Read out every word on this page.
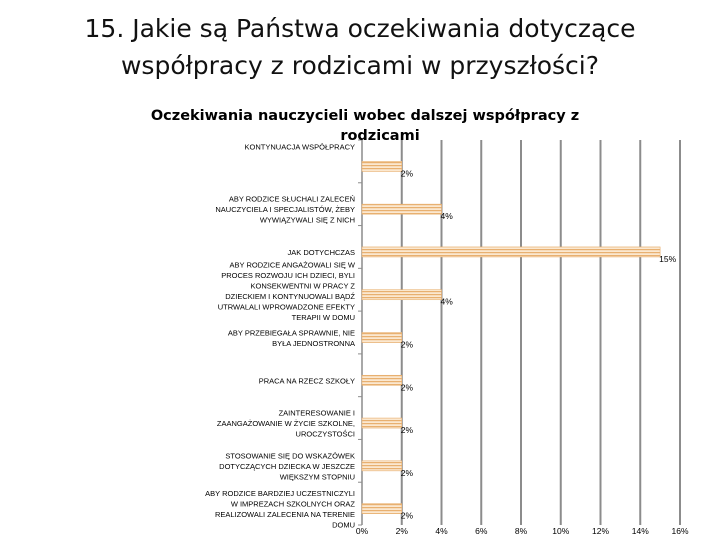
15. Jakie są Państwa oczekiwania dotyczące
współpracy z rodzicami w przyszłości?
0%	2%	4%	6%	8%	10%	12%	14%	16%
2%
KONTYNUACJA WSPÓŁPRACY
4%
ABY RODZICE SŁUCHALI ZALECEŃ
NAUCZYCIELA I SPECJALISTÓW, ŻEBY
WYWIĄZYWALI SIĘ Z NICH
15%
JAK DOTYCHCZAS
4%
ABY RODZICE ANGAŻOWALI SIĘ W
PROCES ROZWOJU ICH DZIECI, BYLI
KONSEKWENTNI W PRACY Z
DZIECKIEM I KONTYNUOWALI BĄDŹ
UTRWALALI WPROWADZONE EFEKTY
TERAPII W DOMU
2%
ABY PRZEBIEGAŁA SPRAWNIE, NIE
BYŁA JEDNOSTRONNA
2%
PRACA NA RZECZ SZKOŁY
2%
ZAINTERESOWANIE I
ZAANGAŻOWANIE W ŻYCIE SZKOLNE,
UROCZYSTOŚCI
2%
STOSOWANIE SIĘ DO WSKAZÓWEK
DOTYCZĄCYCH DZIECKA W JESZCZE
WIĘKSZYM STOPNIU
2%
ABY RODZICE BARDZIEJ UCZESTNICZYLI
W IMPREZACH SZKOLNYCH ORAZ
REALIZOWALI ZALECENIA NA TERENIE
DOMU
Oczekiwania nauczycieli wobec dalszej współpracy z
rodzicami
